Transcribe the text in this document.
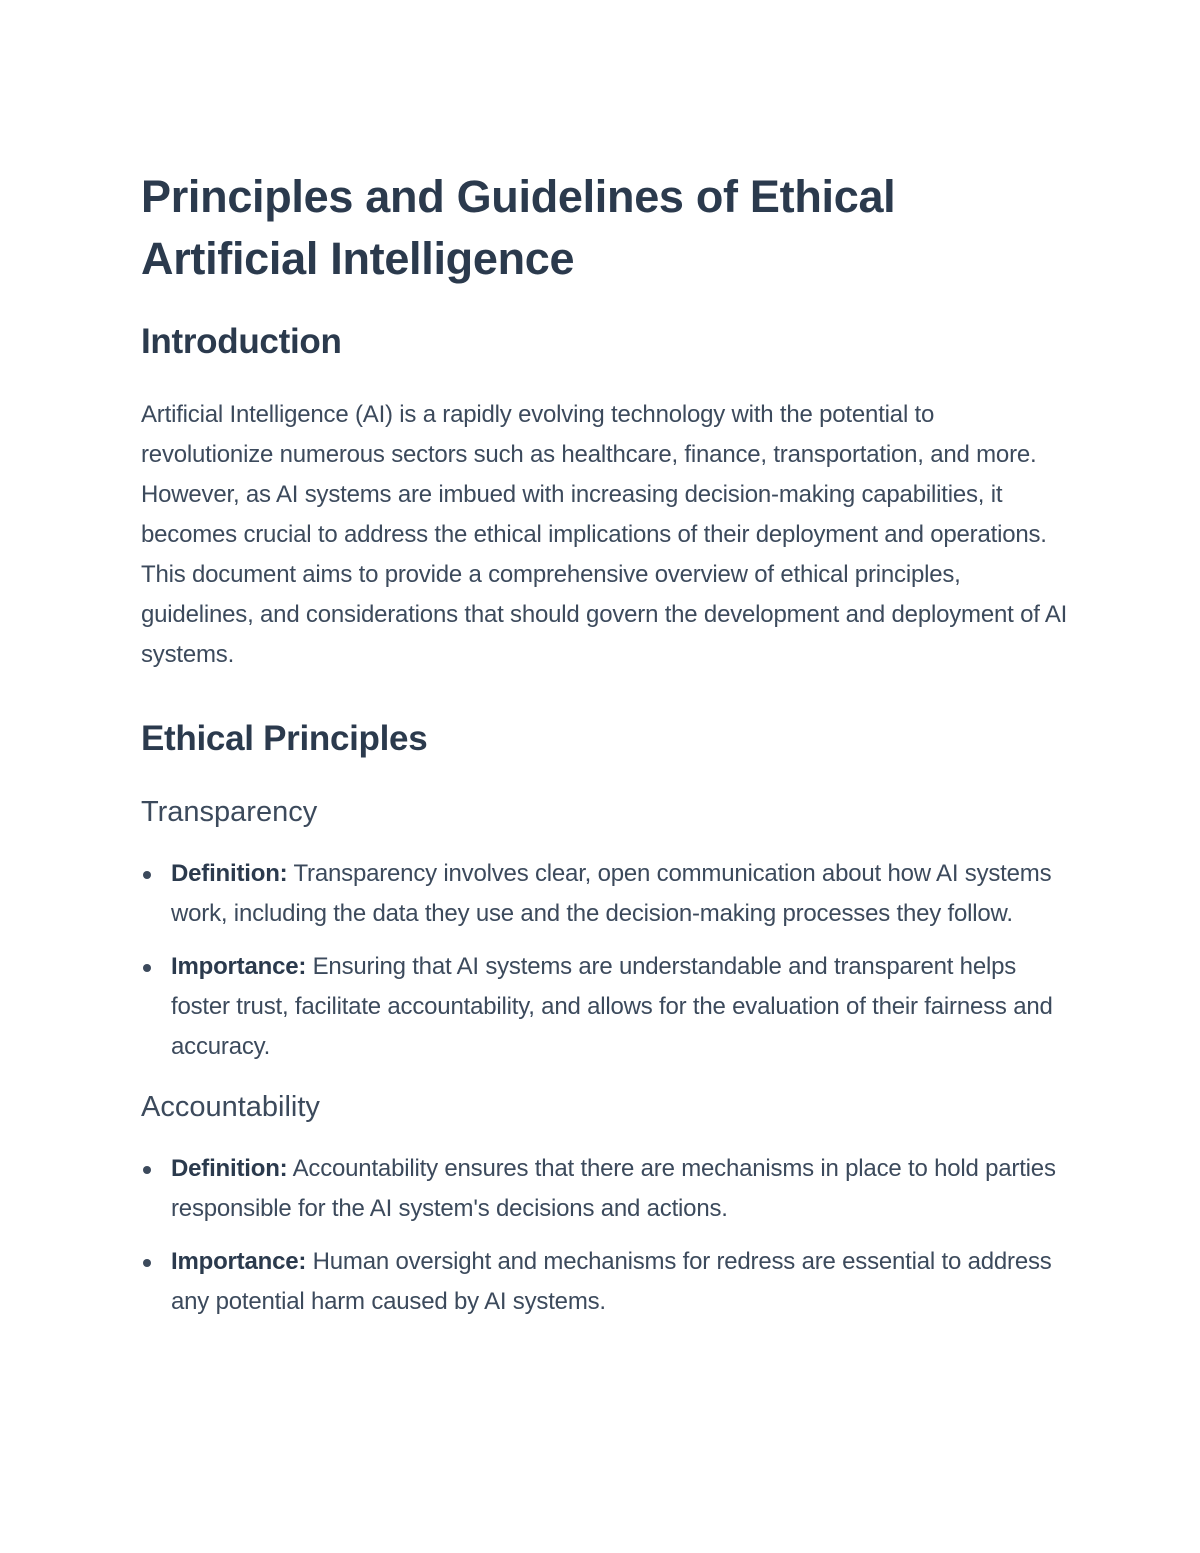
Principles and Guidelines of Ethical Artificial Intelligence
Introduction

Artificial Intelligence (AI) is a rapidly evolving technology with the potential to revolutionize numerous sectors such as healthcare, finance, transportation, and more. However, as AI systems are imbued with increasing decision-making capabilities, it becomes crucial to address the ethical implications of their deployment and operations. This document aims to provide a comprehensive overview of ethical principles, guidelines, and considerations that should govern the development and deployment of AI systems.

Ethical Principles
Transparency
Definition: Transparency involves clear, open communication about how AI systems work, including the data they use and the decision-making processes they follow.
Importance: Ensuring that AI systems are understandable and transparent helps foster trust, facilitate accountability, and allows for the evaluation of their fairness and accuracy.
Accountability
Definition: Accountability ensures that there are mechanisms in place to hold parties responsible for the AI system's decisions and actions.
Importance: Human oversight and mechanisms for redress are essential to address any potential harm caused by AI systems.
